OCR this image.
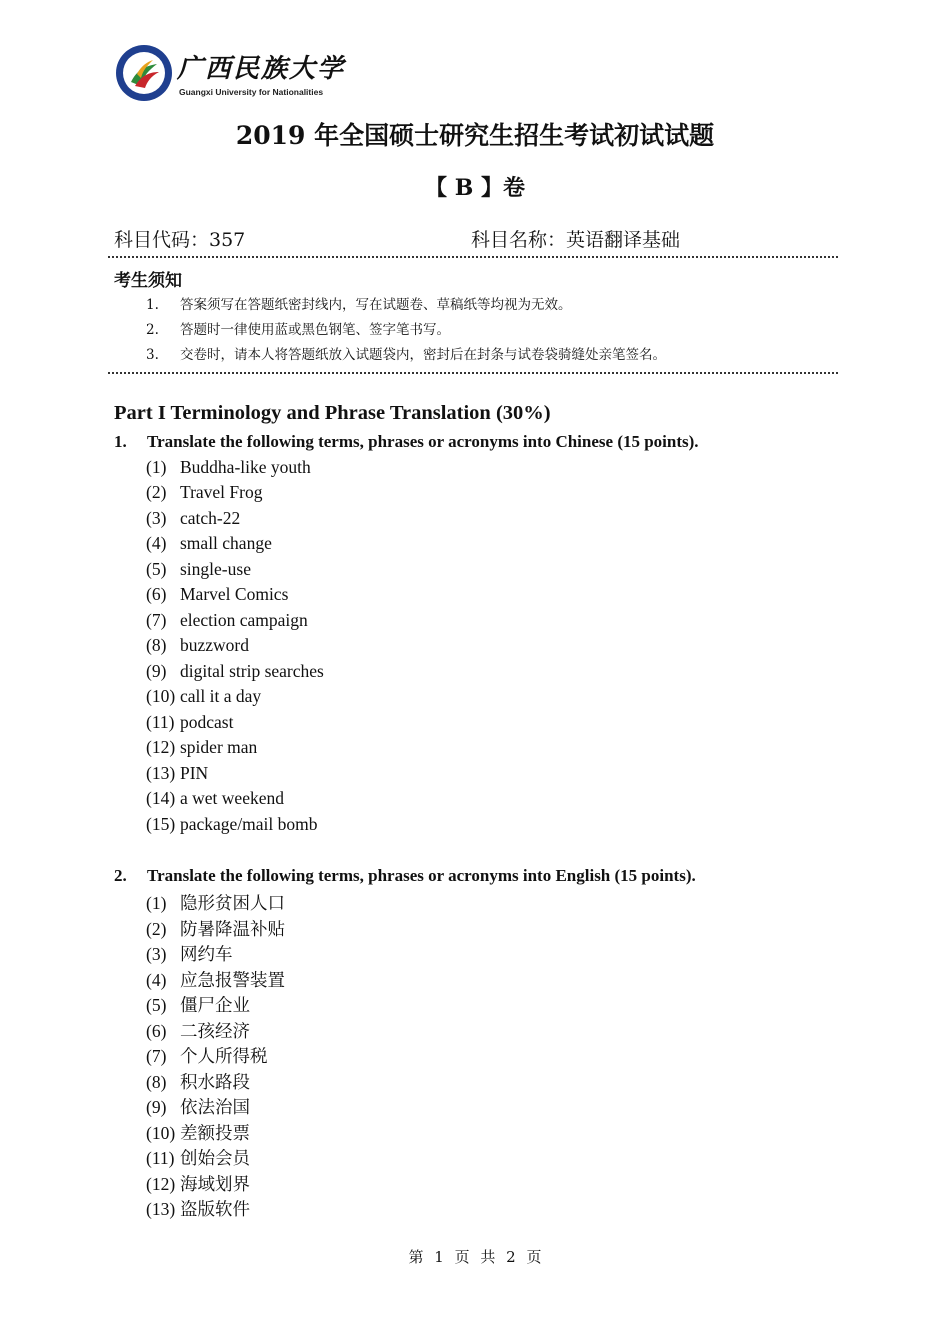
广西民族大学
Guangxi University for Nationalities
2019 年全国硕士研究生招生考试初试试题
【 B 】卷
科目代码：357	科目名称：英语翻译基础
考生须知
1. 答案须写在答题纸密封线内，写在试题卷、草稿纸等均视为无效。
2. 答题时一律使用蓝或黑色钢笔、签字笔书写。
3. 交卷时，请本人将答题纸放入试题袋内，密封后在封条与试卷袋骑缝处亲笔签名。
Part I Terminology and Phrase Translation (30%)
1. Translate the following terms, phrases or acronyms into Chinese (15 points).
(1) Buddha-like youth
(2) Travel Frog
(3) catch-22
(4) small change
(5) single-use
(6) Marvel Comics
(7) election campaign
(8) buzzword
(9) digital strip searches
(10) call it a day
(11) podcast
(12) spider man
(13) PIN
(14) a wet weekend
(15) package/mail bomb
2. Translate the following terms, phrases or acronyms into English (15 points).
(1) 隐形贫困人口
(2) 防暑降温补贴
(3) 网约车
(4) 应急报警装置
(5) 僵尸企业
(6) 二孩经济
(7) 个人所得税
(8) 积水路段
(9) 依法治国
(10) 差额投票
(11) 创始会员
(12) 海域划界
(13) 盗版软件
第 1 页 共 2 页
